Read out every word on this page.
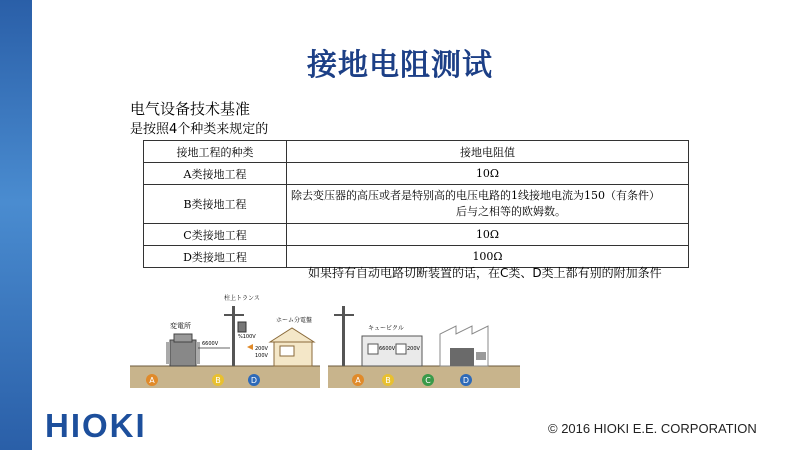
接地电阻测试
电气设备技术基准
是按照4个种类来规定的
接地工程的种类	接地电阻值
A类接地工程	10Ω
B类接地工程	除去变压器的高压或者是特别高的电压电路的1线接地电流为150（有条件）
后与之相等的欧姆数。

C类接地工程	10Ω
D类接地工程	100Ω
如果持有自动电路切断装置的话，在C类、D类上都有别的附加条件
変電所
6600V
柱上トランス
%100V
200V
100V
ホーム分電盤
A	B	D
キュービクル
6600V 200V
A	B	C	D
HIOKI	© 2016 HIOKI E.E. CORPORATION
